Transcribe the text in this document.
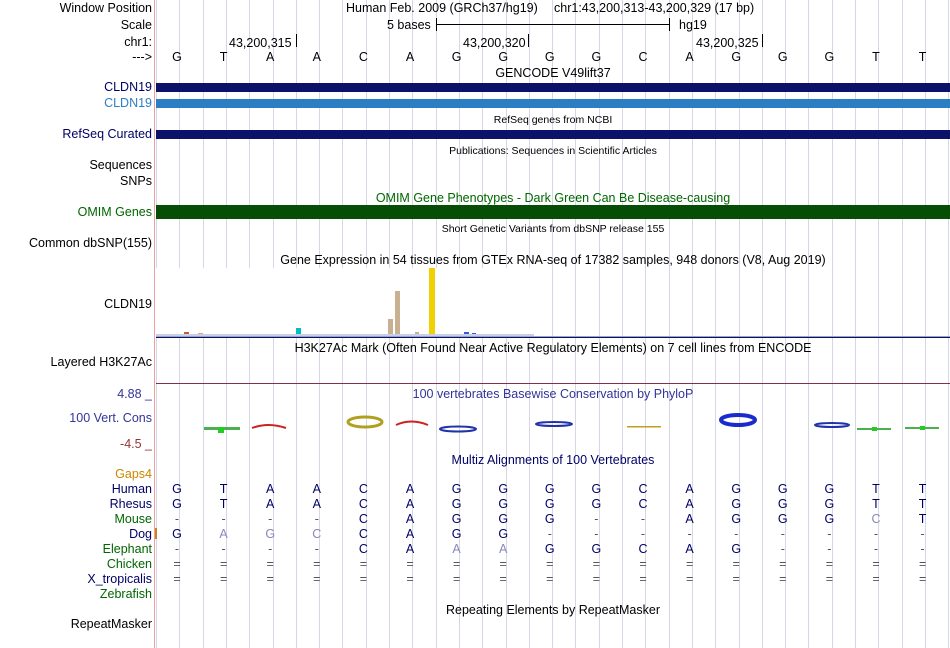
Window Position	Human Feb. 2009 (GRCh37/hg19) chr1:43,200,313-43,200,329 (17 bp)
Scale	5 bases	hg19
chr1:	43,200,315	43,200,320	43,200,325
--->	G	T	A	A	C	A	G	G	G	G	C	A	G	G	G	T	T
GENCODE V49lift37
CLDN19
CLDN19
RefSeq genes from NCBI
RefSeq Curated
Publications: Sequences in Scientific Articles
Sequences
SNPs
OMIM Gene Phenotypes - Dark Green Can Be Disease-causing
OMIM Genes
Short Genetic Variants from dbSNP release 155
Common dbSNP(155)
Gene Expression in 54 tissues from GTEx RNA-seq of 17382 samples, 948 donors (V8, Aug 2019)
CLDN19
H3K27Ac Mark (Often Found Near Active Regulatory Elements) on 7 cell lines from ENCODE
Layered H3K27Ac
100 vertebrates Basewise Conservation by PhyloP
4.88 _
100 Vert. Cons
-4.5 _
Multiz Alignments of 100 Vertebrates
Gaps4
Human	G	T	A	A	C	A	G	G	G	G	C	A	G	G	G	T	T
Rhesus	G	T	A	A	C	A	G	G	G	G	C	A	G	G	G	T	T
Mouse	-	-	-	-	C	A	G	G	G	-	-	A	G	G	G	C	T
Dog	G	A	G	C	C	A	G	G	-	-	-	-	-	-	-	-	-
Elephant	-	-	-	-	C	A	A	A	G	G	C	A	G	-	-	-	-
Chicken	=	=	=	=	=	=	=	=	=	=	=	=	=	=	=	=	=
X_tropicalis	=	=	=	=	=	=	=	=	=	=	=	=	=	=	=	=	=
Zebrafish
Repeating Elements by RepeatMasker
RepeatMasker
